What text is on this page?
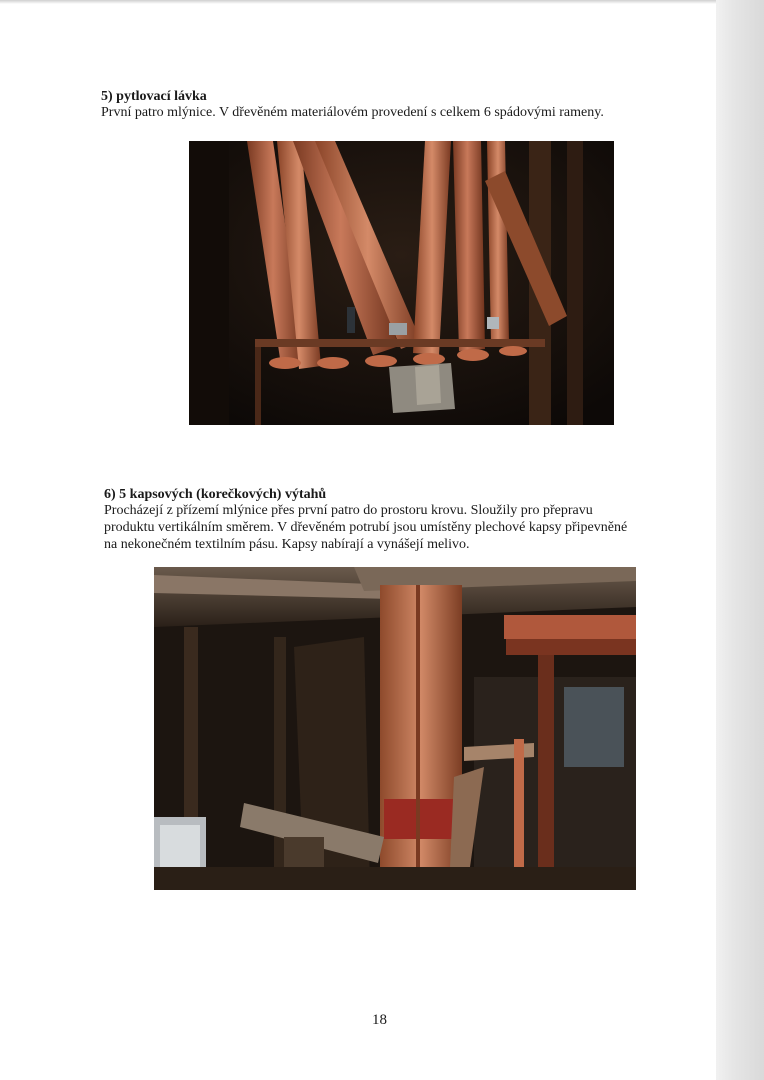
5) pytlovací lávka
První patro mlýnice. V dřevěném materiálovém provedení s celkem 6 spádovými rameny.
6) 5 kapsových (korečkových) výtahů
Procházejí z přízemí mlýnice přes první patro do prostoru krovu. Sloužily pro přepravu
produktu vertikálním směrem. V dřevěném potrubí jsou umístěny plechové kapsy připevněné
na nekonečném textilním pásu. Kapsy nabírají a vynášejí melivo.
18
